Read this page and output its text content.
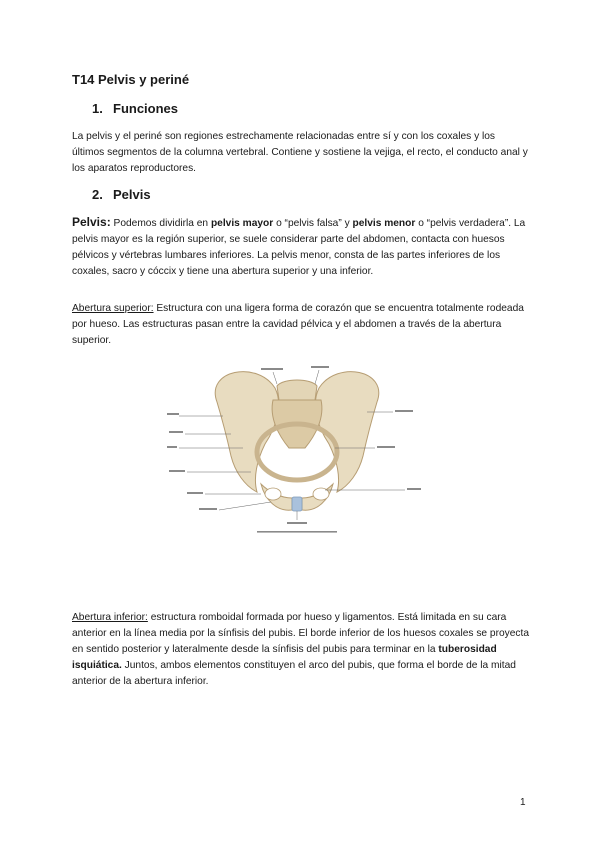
T14 Pelvis y periné
1. Funciones
La pelvis y el periné son regiones estrechamente relacionadas entre sí y con los coxales y los últimos segmentos de la columna vertebral. Contiene y sostiene la vejiga, el recto, el conducto anal y los aparatos reproductores.
2. Pelvis
Pelvis: Podemos dividirla en pelvis mayor o “pelvis falsa” y pelvis menor o “pelvis verdadera”. La pelvis mayor es la región superior, se suele considerar parte del abdomen, contacta con huesos pélvicos y vértebras lumbares inferiores. La pelvis menor, consta de las partes inferiores de los coxales, sacro y cóccix y tiene una abertura superior y una inferior.
Abertura superior: Estructura con una ligera forma de corazón que se encuentra totalmente rodeada por hueso. Las estructuras pasan entre la cavidad pélvica y el abdomen a través de la abertura superior.
Abertura inferior: estructura romboidal formada por hueso y ligamentos. Está limitada en su cara anterior en la línea media por la sínfisis del pubis. El borde inferior de los huesos coxales se proyecta en sentido posterior y lateralmente desde la sínfisis del pubis para terminar en la tuberosidad isquiática. Juntos, ambos elementos constituyen el arco del pubis, que forma el borde de la mitad anterior de la abertura inferior.
1
